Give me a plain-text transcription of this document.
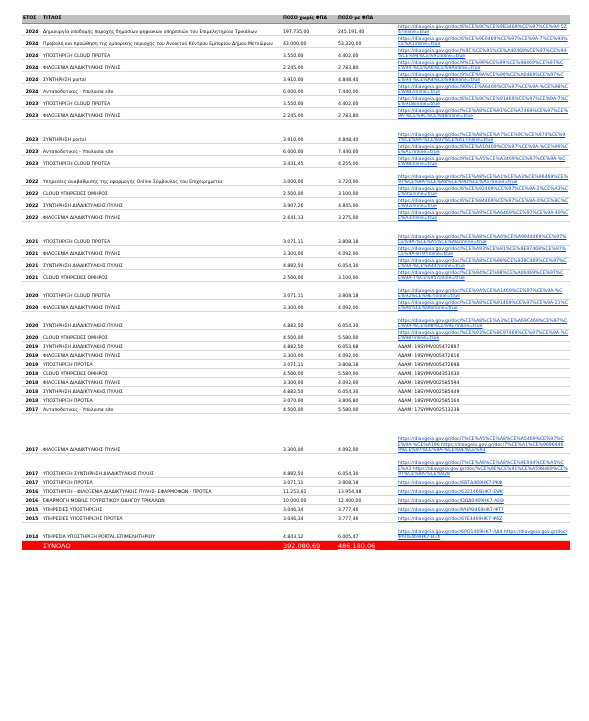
ΕΤΟΣ	ΤΙΤΛΟΣ	ΠΟΣΟ χωρίς ΦΠΑ	ΠΟΣΟ με ΦΠΑ	
2024	Δημιουργία υποδομής παροχής δημοσίων ψηφιακών υπηρεσιών του Επιμελητηρίου Τρικάλων	197.735,00	245.191,40	https://diavgeia.gov.gr/doc/6%CE%9C%CE%9B3469%CE%97%CE%94-5Z4?inline=true
2024	Προβολή και προώθηση της εμπορικής περιοχής του Ανοικτού Κέντρου Εμπορίου Δήμου Μετεώρων	43.000,00	53.320,00	https://diavgeia.gov.gr/doc/6%CE%9E0469%CE%97%CE%9A-7%CE%94%CE%A1inline=true
2024	ΥΠΟΣΤΗΡΙΞΗ CLOUD ΠΡΟΤΕΑ	3.550,00	4.402,00	https://diavgeia.gov.gr/doc/%9C%CE%91%CE%A40469%CE%97%CE%94-%CE%94%CE%91inline=true
2024	ΦΙΛΟΞΕΝΙΑ ΔΙΑΔΙΚΤΥΑΚΗΣ ΠΥΛΗΣ	2.245,00	2.783,80	https://diavgeia.gov.gr/doc/9%CE%99%CE%99%CE%98469%CE%97%CE%94-%CE%A6%CE%9Ainline=true
2024	ΣΥΝΤΗΡΗΣΗ portal	3.910,00	4.848,40	https://diavgeia.gov.gr/doc/9%CE%9A%CE%99%CE%A0469%CE%97%CE%94-%CE%A4%CE%98inline=true
2024	Ανταποδοτικες - Υπολοιπα site	6.000,00	7.440,00	https://diavgeia.gov.gr/doc/90%CE%A6469%CE%97%CE%9A-%CE%98%CE%9B7inline=true
2023	ΥΠΟΣΤΗΡΙΞΗ CLOUD ΠΡΟΤΕΑ	3.550,00	4.402,00	https://diavgeia.gov.gr/doc/6%CE%9C%CE%91469%CE%97%CE%9A-7%CE%918inline=true
2023	ΦΙΛΟΞΕΝΙΑ ΔΙΑΔΙΚΤΥΑΚΗΣ ΠΥΛΗΣ	2.245,00	2.783,80	https://diavgeia.gov.gr/doc/%CE%A8%CE%91%CE%A7469%CE%97%CE%9A-%CE%9C%CE%98inline=true
2023	ΣΥΝΤΗΡΗΣΗ portal	3.910,00	4.848,40	https://diavgeia.gov.gr/doc/%CE%A8%CE%A7%CE%9C%CE%974%CE%97%CE%9A-%CE%97%CE%A1?inline=true
2023	Ανταποδοτικες - Υπολοιπα site	6.000,00	7.440,00	https://diavgeia.gov.gr/doc/6%CE%A10469%CE%97%CE%9A-%CE%99%CE%A1?inline=true
2023	ΥΠΟΣΤΗΡΙΞΗ CLOUD ΠΡΟΤΕΑ	3.431,45	4.255,00	https://diavgeia.gov.gr/doc/9%CE%A5%CE%A3469%CE%97%CE%9A-%CE%9Binline=true
2022	Υπηρεσίες αναβάθμισης της εφαρμογής Online Σύμβουλος του Επιχειρηματία	3.000,00	3.720,00	https://diavgeia.gov.gr/doc/%CE%A8%CE%A1%CE%A3%CE%96469%CE%97%CE%9A-%CE%A8%CE%9D%CE%A1?inline=true
2022	CLOUD ΥΠΗΡΕΣΙΕΣ ΟΜΗΡΟΣ	2.500,00	3.100,00	https://diavgeia.gov.gr/doc/6%CE%92469%CE%97%CE%9A-2%CE%A3%CE%95inline=true
2022	ΣΥΝΤΗΡΗΣΗ ΔΙΑΔΙΚΤΥΑΚΗΣ ΠΥΛΗΣ	3.907,26	4.845,00	https://diavgeia.gov.gr/doc/6%CE%94469%CE%97%CE%9A-0%CE%9C%CE%92inline=true
2022	ΦΙΛΟΞΕΝΙΑ ΔΙΑΔΙΚΤΥΑΚΗΣ ΠΥΛΗΣ	2.641,13	3.275,00	https://diavgeia.gov.gr/doc/%CE%A9%CE%A6469%CE%97%CE%9A-49%CE%A3inline=true
2021	ΥΠΟΣΤΗΡΙΞΗ CLOUD ΠΡΟΤΕΑ	3.071,11	3.808,18	https://diavgeia.gov.gr/doc/%CE%A8%CE%A6%CE%A9944469%CE%97%CE%9A-%CE%A5%CE%A82inline=true
2021	ΦΙΛΟΞΕΝΙΑ ΔΙΑΔΙΚΤΥΑΚΗΣ ΠΥΛΗΣ	3.300,00	4.092,00	https://diavgeia.gov.gr/doc/%CE%A93%CE%91%CE%9E97469%CE%97%CE%9A-879?inline=true
2021	ΣΥΝΤΗΡΗΣΗ ΔΙΑΔΙΚΤΥΑΚΗΣ ΠΥΛΗΣ	4.882,50	6.054,30	https://diavgeia.gov.gr/doc/%CE%A8%CE%98%CE%939C469%CE%97%CE%9A-%CE%A44?inline=true
2021	CLOUD ΥΠΗΡΕΣΙΕΣ ΟΜΗΡΟΣ	2.500,00	3.100,00	https://diavgeia.gov.gr/doc/%CE%94%CE%98%CE%A06469%CE%97%CE%9A-7%CE%95?inline=true
2020	ΥΠΟΣΤΗΡΙΞΗ CLOUD ΠΡΟΤΕΑ	3.071,11	3.808,18	https://diavgeia.gov.gr/doc/%CE%9A%CE%A1469%CE%97%CE%9A-%CE%92%CE%9E?inline=true
2020	ΦΙΛΟΞΕΝΙΑ ΔΙΑΔΙΚΤΥΑΚΗΣ ΠΥΛΗΣ	3.300,00	4.092,00	https://diavgeia.gov.gr/doc/%CE%A8%CE%91469%CE%97%CE%9A-21%CE%A6%CE%96inline=true
2020	ΣΥΝΤΗΡΗΣΗ ΔΙΑΔΙΚΤΥΑΚΗΣ ΠΥΛΗΣ	4.882,50	6.054,30	https://diavgeia.gov.gr/doc/%CE%A8%CE%A3%CE%A69C469%CE%97%CE%9A-%CE%98%CE%9E?inline=true
2020	CLOUD ΥΠΗΡΕΣΙΕΣ ΟΜΗΡΟΣ	4.500,00	5.580,00	https://diavgeia.gov.gr/doc/%CE%93%CE%9C97469%CE%97%CE%9A-%CE%98?inline=true
2019	ΣΥΝΤΗΡΗΣΗ ΔΙΑΔΙΚΤΥΑΚΗΣ ΠΥΛΗΣ	4.882,50	6.053,68	ΑΔΑΜ: 19SYMV005472897
2019	ΦΙΛΟΞΕΝΙΑ ΔΙΑΔΙΚΤΥΑΚΗΣ ΠΥΛΗΣ	3.300,00	4.092,00	ΑΔΑΜ: 19SYMV005472816
2019	ΥΠΟΣΤΗΡΙΞΗ ΠΡΟΤΕΑ	3.071,11	3.808,18	ΑΔΑΜ: 19SYMV005472698
2018	CLOUD ΥΠΗΡΕΣΙΕΣ ΟΜΗΡΟΣ	4.500,00	5.580,00	ΑΔΑΜ: 18SYMV004353030
2018	ΦΙΛΟΞΕΝΙΑ ΔΙΑΔΙΚΤΥΑΚΗΣ ΠΥΛΗΣ	3.300,00	4.092,00	ΑΔΑΜ: 18SYMV002585594
2018	ΣΥΝΤΗΡΗΣΗ ΔΙΑΔΙΚΤΥΑΚΗΣ ΠΥΛΗΣ	4.882,50	6.054,30	ΑΔΑΜ: 18SYMV002585449
2018	ΥΠΟΣΤΗΡΙΞΗ ΠΡΟΤΕΑ	3.070,00	3.806,80	ΑΔΑΜ: 18SYMV002585164
2017	Ανταποδοτικες - Υπολοιπα site	4.500,00	5.580,00	ΑΔΑΜ: 17SYMV002513238
2017	ΦΙΛΟΞΕΝΙΑ ΔΙΑΔΙΚΤΥΑΚΗΣ ΠΥΛΗΣ	3.300,00	4.092,00	https://diavgeia.gov.gr/doc/7%CE%A5%CE%A8%CE%A5469%CE%97%CE%9A-%CE%A196 https://diavgeia.gov.gr/doc/7%CE%A1%CE%96964469%CE%97%CE%9A-%CE%9E%CE%93
2017	ΥΠΟΣΤΗΡΙΞΗ ΣΥΝΤΗΡΗΣΗ ΔΙΑΔΙΚΤΥΑΚΗΣ ΠΥΛΗΣ	4.882,50	6.054,30	https://diavgeia.gov.gr/doc/7%CE%A6%CE%A8%CE%9E944%CE%A5%CE%A3 https://diavgeia.gov.gr/doc/%CE%9E%CE%91%CE%A598469%CE%97%CE%9A-%CE%928
2017	ΥΠΟΣΤΗΡΙΞΗ ΠΡΟΤΕΑ	3.071,11	3.808,18	https://diavgeia.gov.gr/doc/6ΒΤΔ469ΗΚ7-ΡΚΦ
2016	ΥΠΟΣΤΗΡΙΞΗ - ΦΙΛΟΞΕΝΙΑ ΔΙΑΔΙΚΤΥΑΚΗΣ ΠΥΛΗΣ- ΕΦΑΡΜΟΦΩΝ - ΠΡΟΤΕΑ	11.253,61	13.954,48	https://diavgeia.gov.gr/doc/632146ΘΗΚ7-ΕΨΚ
2016	ΕΦΑΡΜΟΓΗ MOBILE ΤΟΥΡΙΣΤΙΚΟΥ ΟΔΗΓΟΥ ΤΡΙΚΑΛΩΝ	10.000,00	12.400,00	https://diavgeia.gov.gr/doc/ΩΩΔ0469ΗΚ7-ΑΕΘ
2015	ΥΠΗΡΕΣΙΕΣ ΥΠΟΣΤΗΡΙΞΗΣ	3.046,34	3.777,46	https://diavgeia.gov.gr/doc/ΨΗΡΘ469ΗΚ7-ΨΤ7
2015	ΥΠΗΡΕΣΙΕΣ ΥΠΟΣΤΗΡΙΞΗΣ ΠΡΟΤΕΑ	3.046,34	3.777,46	https://diavgeia.gov.gr/doc/6ΥΕ4469ΗΚ7-Ψ6Ζ
2014	ΥΠΗΡΕΣΙΑ ΥΠΟΣΤΗΡΙΞΗ PORTAL ΕΠΙΜΕΛΗΤΗΡΙΟΥ	4.843,12	6.005,47	https://diavgeia.gov.gr/doc/6ΡΟ1469ΗΚ7-ΛΔ4 https://diavgeia.gov.gr/doc/ΨΑΠΕ469ΗΚ7-ΒΞΧ
	ΣΥΝΟΛΟ	392.080,69	486.180,06	
